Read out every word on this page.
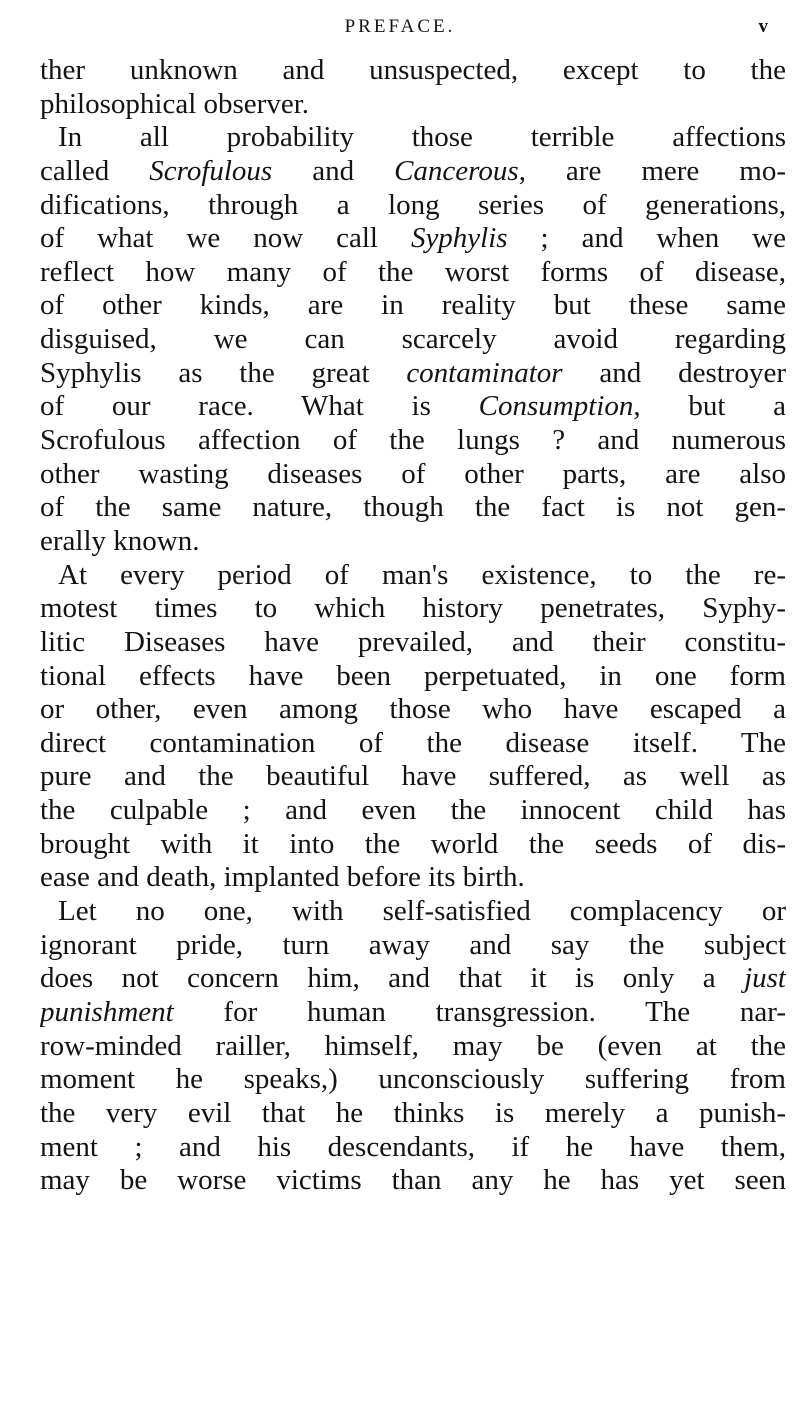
PREFACE.	v
ther unknown and unsuspected, except to the
philosophical observer.
In all probability those terrible affections
called Scrofulous and Cancerous, are mere mo-
difications, through a long series of generations,
of what we now call Syphylis ; and when we
reflect how many of the worst forms of disease,
of other kinds, are in reality but these same
disguised, we can scarcely avoid regarding
Syphylis as the great contaminator and destroyer
of our race. What is Consumption, but a
Scrofulous affection of the lungs ? and numerous
other wasting diseases of other parts, are also
of the same nature, though the fact is not gen-
erally known.
At every period of man's existence, to the re-
motest times to which history penetrates, Syphy-
litic Diseases have prevailed, and their constitu-
tional effects have been perpetuated, in one form
or other, even among those who have escaped a
direct contamination of the disease itself. The
pure and the beautiful have suffered, as well as
the culpable ; and even the innocent child has
brought with it into the world the seeds of dis-
ease and death, implanted before its birth.
Let no one, with self-satisfied complacency or
ignorant pride, turn away and say the subject
does not concern him, and that it is only a just
punishment for human transgression. The nar-
row-minded railler, himself, may be (even at the
moment he speaks,) unconsciously suffering from
the very evil that he thinks is merely a punish-
ment ; and his descendants, if he have them,
may be worse victims than any he has yet seen
